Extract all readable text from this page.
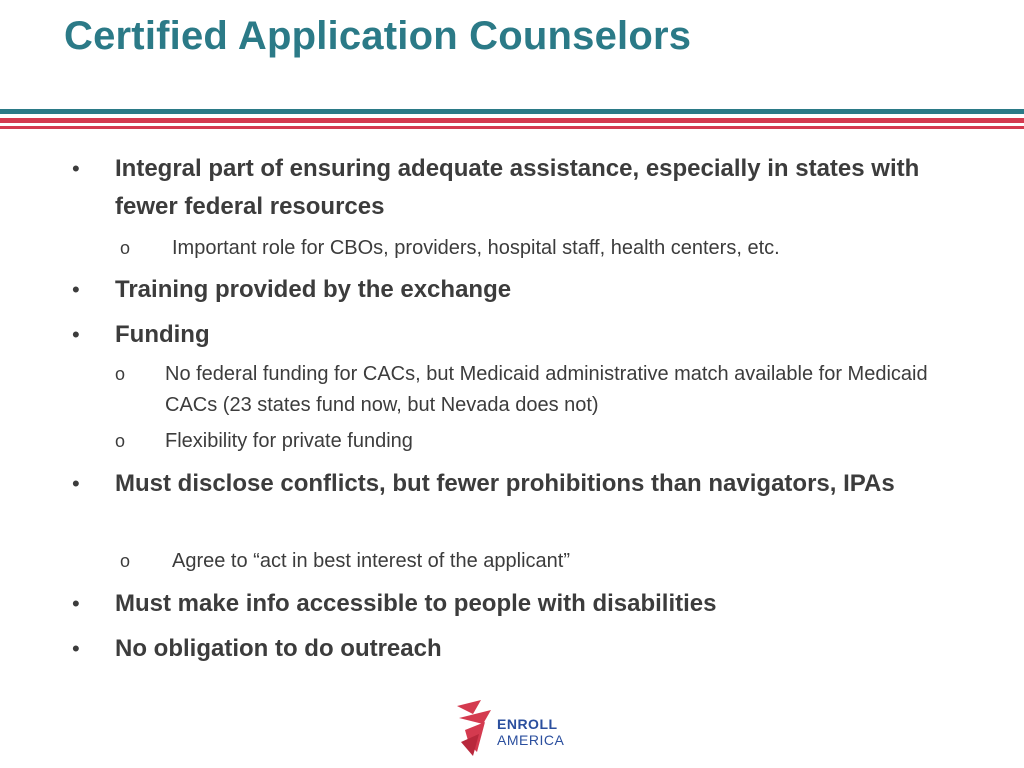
Certified Application Counselors
• Integral part of ensuring adequate assistance, especially in states with fewer federal resources
o Important role for CBOs, providers, hospital staff, health centers, etc.
• Training provided by the exchange
• Funding
o No federal funding for CACs, but Medicaid administrative match available for Medicaid CACs (23 states fund now, but Nevada does not)
o Flexibility for private funding
• Must disclose conflicts, but fewer prohibitions than navigators, IPAs
o Agree to “act in best interest of the applicant”
• Must make info accessible to people with disabilities
• No obligation to do outreach
ENROLL
AMERICA
